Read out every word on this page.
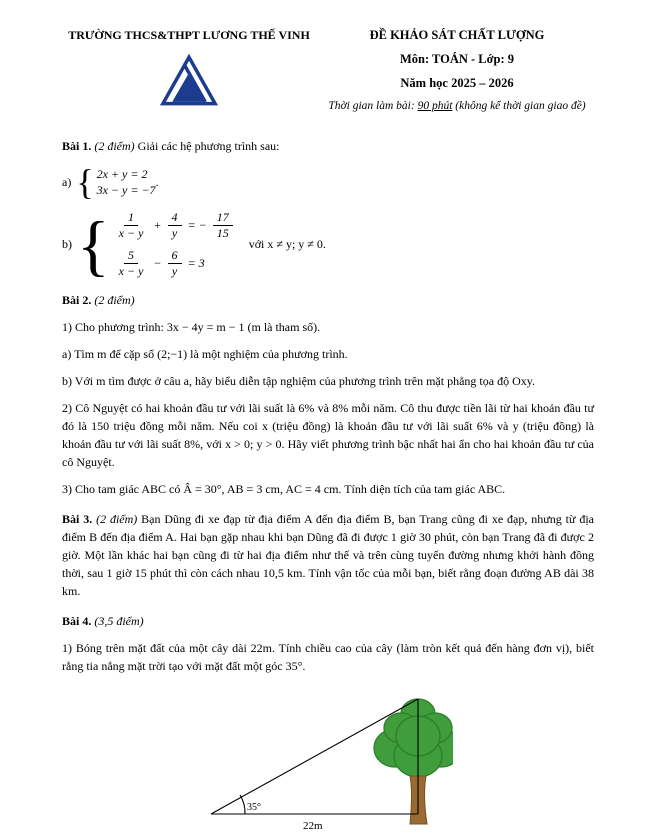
TRƯỜNG THCS&THPT LƯƠNG THẾ VINH	ĐỀ KHẢO SÁT CHẤT LƯỢNG
Môn: TOÁN - Lớp: 9
Năm học 2025 – 2026
Thời gian làm bài: 90 phút (không kể thời gian giao đề)

Bài 1. (2 điểm) Giải các hệ phương trình sau:

a) { 2x + y = 2
3x − y = −7
.
b) { $\frac{1}{x - y} + \frac{4}{y}$ = − $\frac{17}{15}$
$\frac{5}{x - y} - \frac{6}{y} = 3$
với x ≠ y; y ≠ 0.

Bài 2. (2 điểm)

1) Cho phương trình: 3x − 4y = m − 1 (m là tham số).

a) Tìm m để cặp số (2;−1) là một nghiệm của phương trình.

b) Với m tìm được ở câu a, hãy biểu diễn tập nghiệm của phương trình trên mặt phẳng tọa độ Oxy.

2) Cô Nguyệt có hai khoản đầu tư với lãi suất là 6% và 8% mỗi năm. Cô thu được tiền lãi từ hai khoản đầu tư đó là 150 triệu đồng mỗi năm. Nếu coi x (triệu đồng) là khoản đầu tư với lãi suất 6% và y (triệu đồng) là khoản đầu tư với lãi suất 8%, với x > 0; y > 0. Hãy viết phương trình bậc nhất hai ẩn cho hai khoản đầu tư của cô Nguyệt.

3) Cho tam giác ABC có Â = 30°, AB = 3 cm, AC = 4 cm. Tính diện tích của tam giác ABC.

Bài 3. (2 điểm) Bạn Dũng đi xe đạp từ địa điểm A đến địa điểm B, bạn Trang cũng đi xe đạp, nhưng từ địa điểm B đến địa điểm A. Hai bạn gặp nhau khi bạn Dũng đã đi được 1 giờ 30 phút, còn bạn Trang đã đi được 2 giờ. Một lần khác hai bạn cũng đi từ hai địa điểm như thế và trên cùng tuyến đường nhưng khởi hành đồng thời, sau 1 giờ 15 phút thì còn cách nhau 10,5 km. Tính vận tốc của mỗi bạn, biết rằng đoạn đường AB dài 38 km.

Bài 4. (3,5 điểm)

1) Bóng trên mặt đất của một cây dài 22m. Tính chiều cao của cây (làm tròn kết quả đến hàng đơn vị), biết rằng tia nắng mặt trời tạo với mặt đất một góc 35°.

35°
22m
